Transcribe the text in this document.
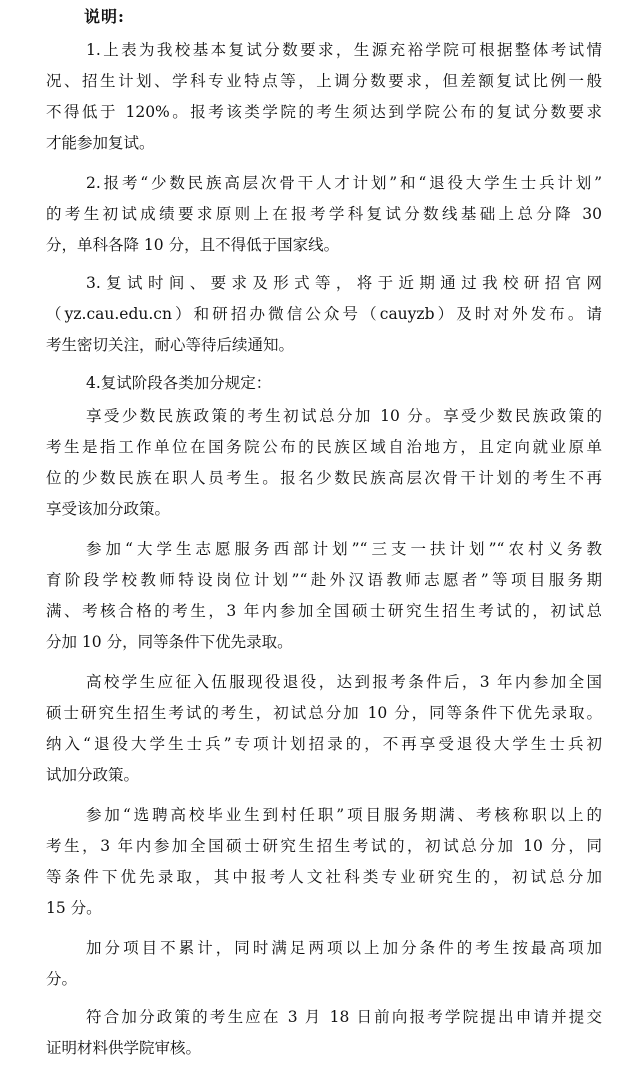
说明:
1.上表为我校基本复试分数要求，生源充裕学院可根据整体考试情
况、招生计划、学科专业特点等，上调分数要求，但差额复试比例一般
不得低于 120%。报考该类学院的考生须达到学院公布的复试分数要求
才能参加复试。
2.报考“少数民族高层次骨干人才计划”和“退役大学生士兵计划”
的考生初试成绩要求原则上在报考学科复试分数线基础上总分降 30
分，单科各降 10 分，且不得低于国家线。
3.复试时间、要求及形式等，将于近期通过我校研招官网
（yz.cau.edu.cn）和研招办微信公众号（cauyzb）及时对外发布。请
考生密切关注，耐心等待后续通知。
4.复试阶段各类加分规定：
享受少数民族政策的考生初试总分加 10 分。享受少数民族政策的
考生是指工作单位在国务院公布的民族区域自治地方，且定向就业原单
位的少数民族在职人员考生。报名少数民族高层次骨干计划的考生不再
享受该加分政策。
参加“大学生志愿服务西部计划”“三支一扶计划”“农村义务教
育阶段学校教师特设岗位计划”“赴外汉语教师志愿者”等项目服务期
满、考核合格的考生，3 年内参加全国硕士研究生招生考试的，初试总
分加 10 分，同等条件下优先录取。
高校学生应征入伍服现役退役，达到报考条件后，3 年内参加全国
硕士研究生招生考试的考生，初试总分加 10 分，同等条件下优先录取。
纳入“退役大学生士兵”专项计划招录的，不再享受退役大学生士兵初
试加分政策。
参加“选聘高校毕业生到村任职”项目服务期满、考核称职以上的
考生，3 年内参加全国硕士研究生招生考试的，初试总分加 10 分，同
等条件下优先录取，其中报考人文社科类专业研究生的，初试总分加
15 分。
加分项目不累计，同时满足两项以上加分条件的考生按最高项加
分。
符合加分政策的考生应在 3 月 18 日前向报考学院提出申请并提交
证明材料供学院审核。
